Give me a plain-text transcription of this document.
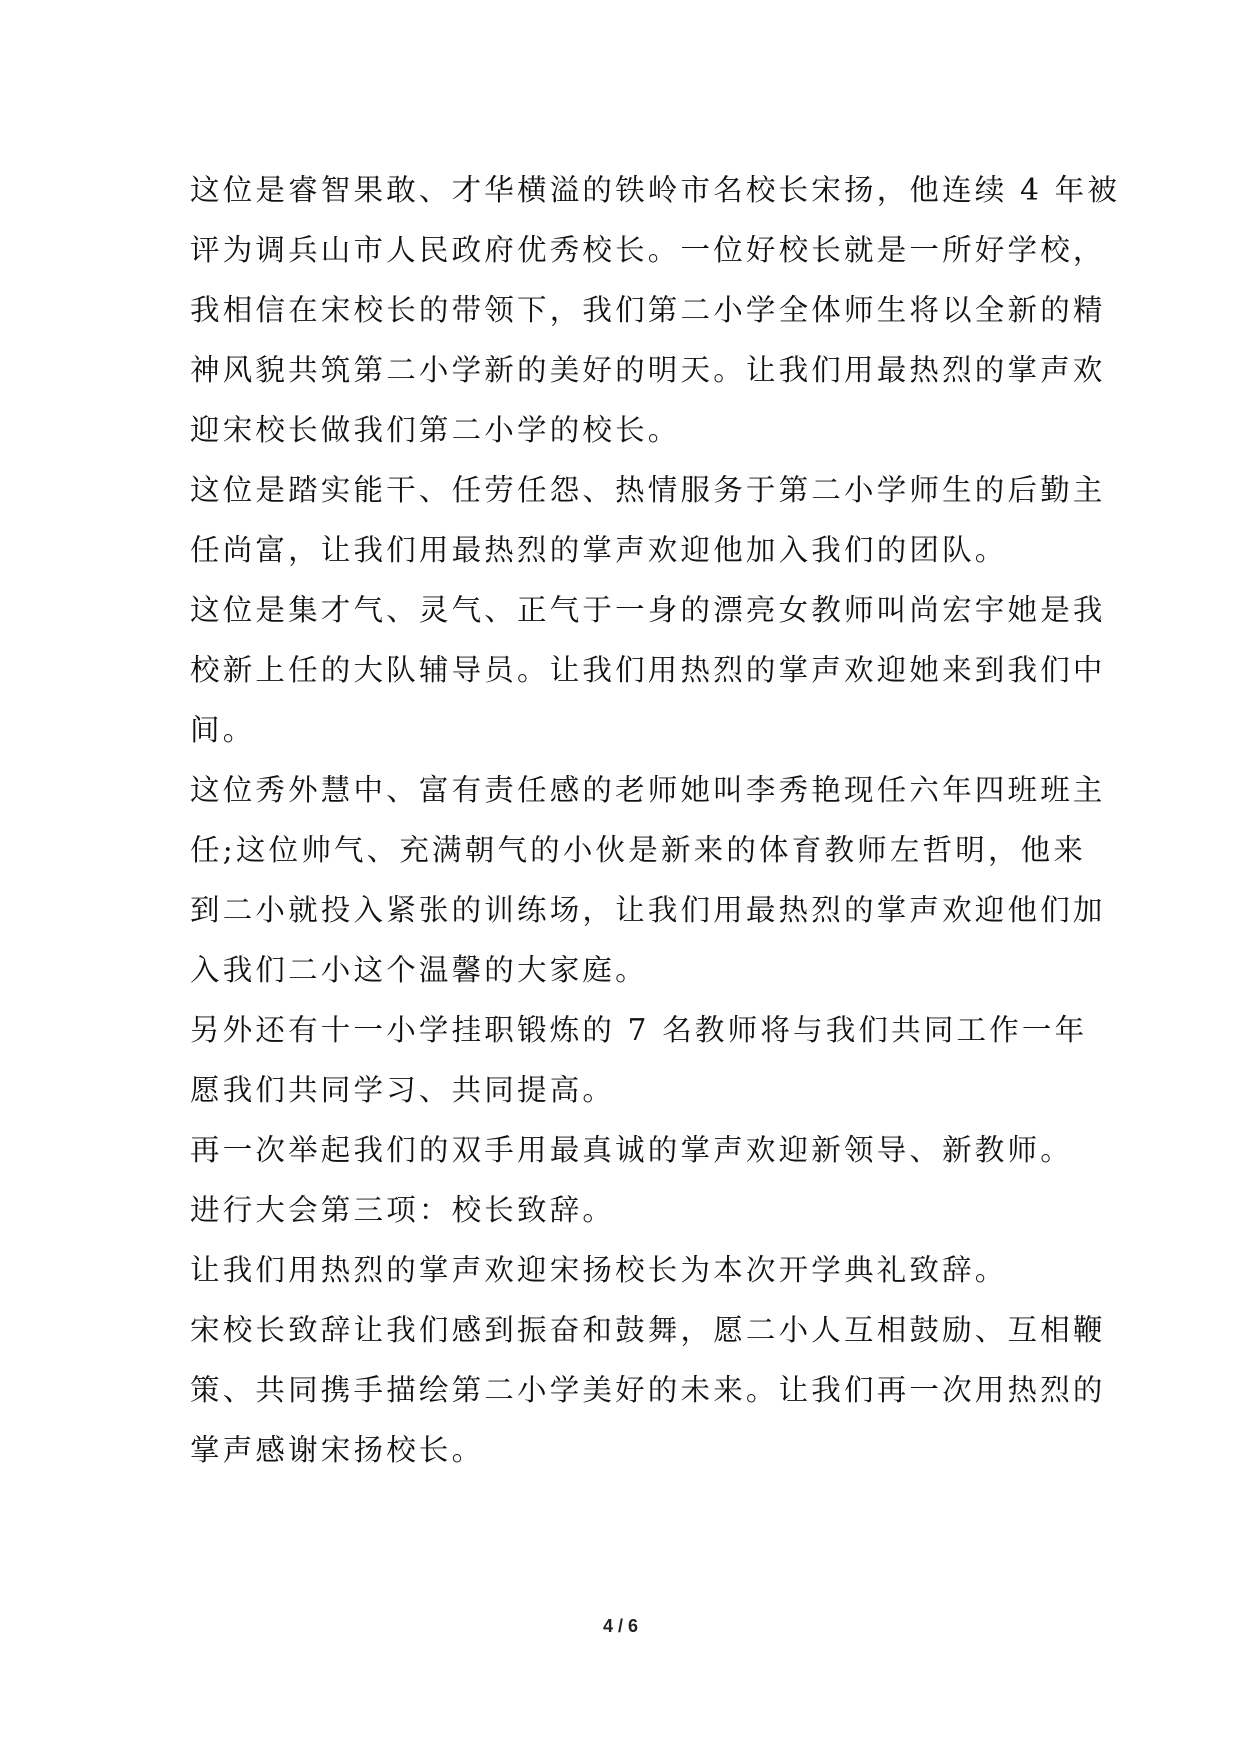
这位是睿智果敢、才华横溢的铁岭市名校长宋扬，他连续 4 年被
评为调兵山市人民政府优秀校长。一位好校长就是一所好学校，
我相信在宋校长的带领下，我们第二小学全体师生将以全新的精
神风貌共筑第二小学新的美好的明天。让我们用最热烈的掌声欢
迎宋校长做我们第二小学的校长。
这位是踏实能干、任劳任怨、热情服务于第二小学师生的后勤主
任尚富，让我们用最热烈的掌声欢迎他加入我们的团队。
这位是集才气、灵气、正气于一身的漂亮女教师叫尚宏宇她是我
校新上任的大队辅导员。让我们用热烈的掌声欢迎她来到我们中
间。
这位秀外慧中、富有责任感的老师她叫李秀艳现任六年四班班主
任;这位帅气、充满朝气的小伙是新来的体育教师左哲明，他来
到二小就投入紧张的训练场，让我们用最热烈的掌声欢迎他们加
入我们二小这个温馨的大家庭。
另外还有十一小学挂职锻炼的 7 名教师将与我们共同工作一年
愿我们共同学习、共同提高。
再一次举起我们的双手用最真诚的掌声欢迎新领导、新教师。
进行大会第三项：校长致辞。
让我们用热烈的掌声欢迎宋扬校长为本次开学典礼致辞。
宋校长致辞让我们感到振奋和鼓舞，愿二小人互相鼓励、互相鞭
策、共同携手描绘第二小学美好的未来。让我们再一次用热烈的
掌声感谢宋扬校长。
4 / 6
